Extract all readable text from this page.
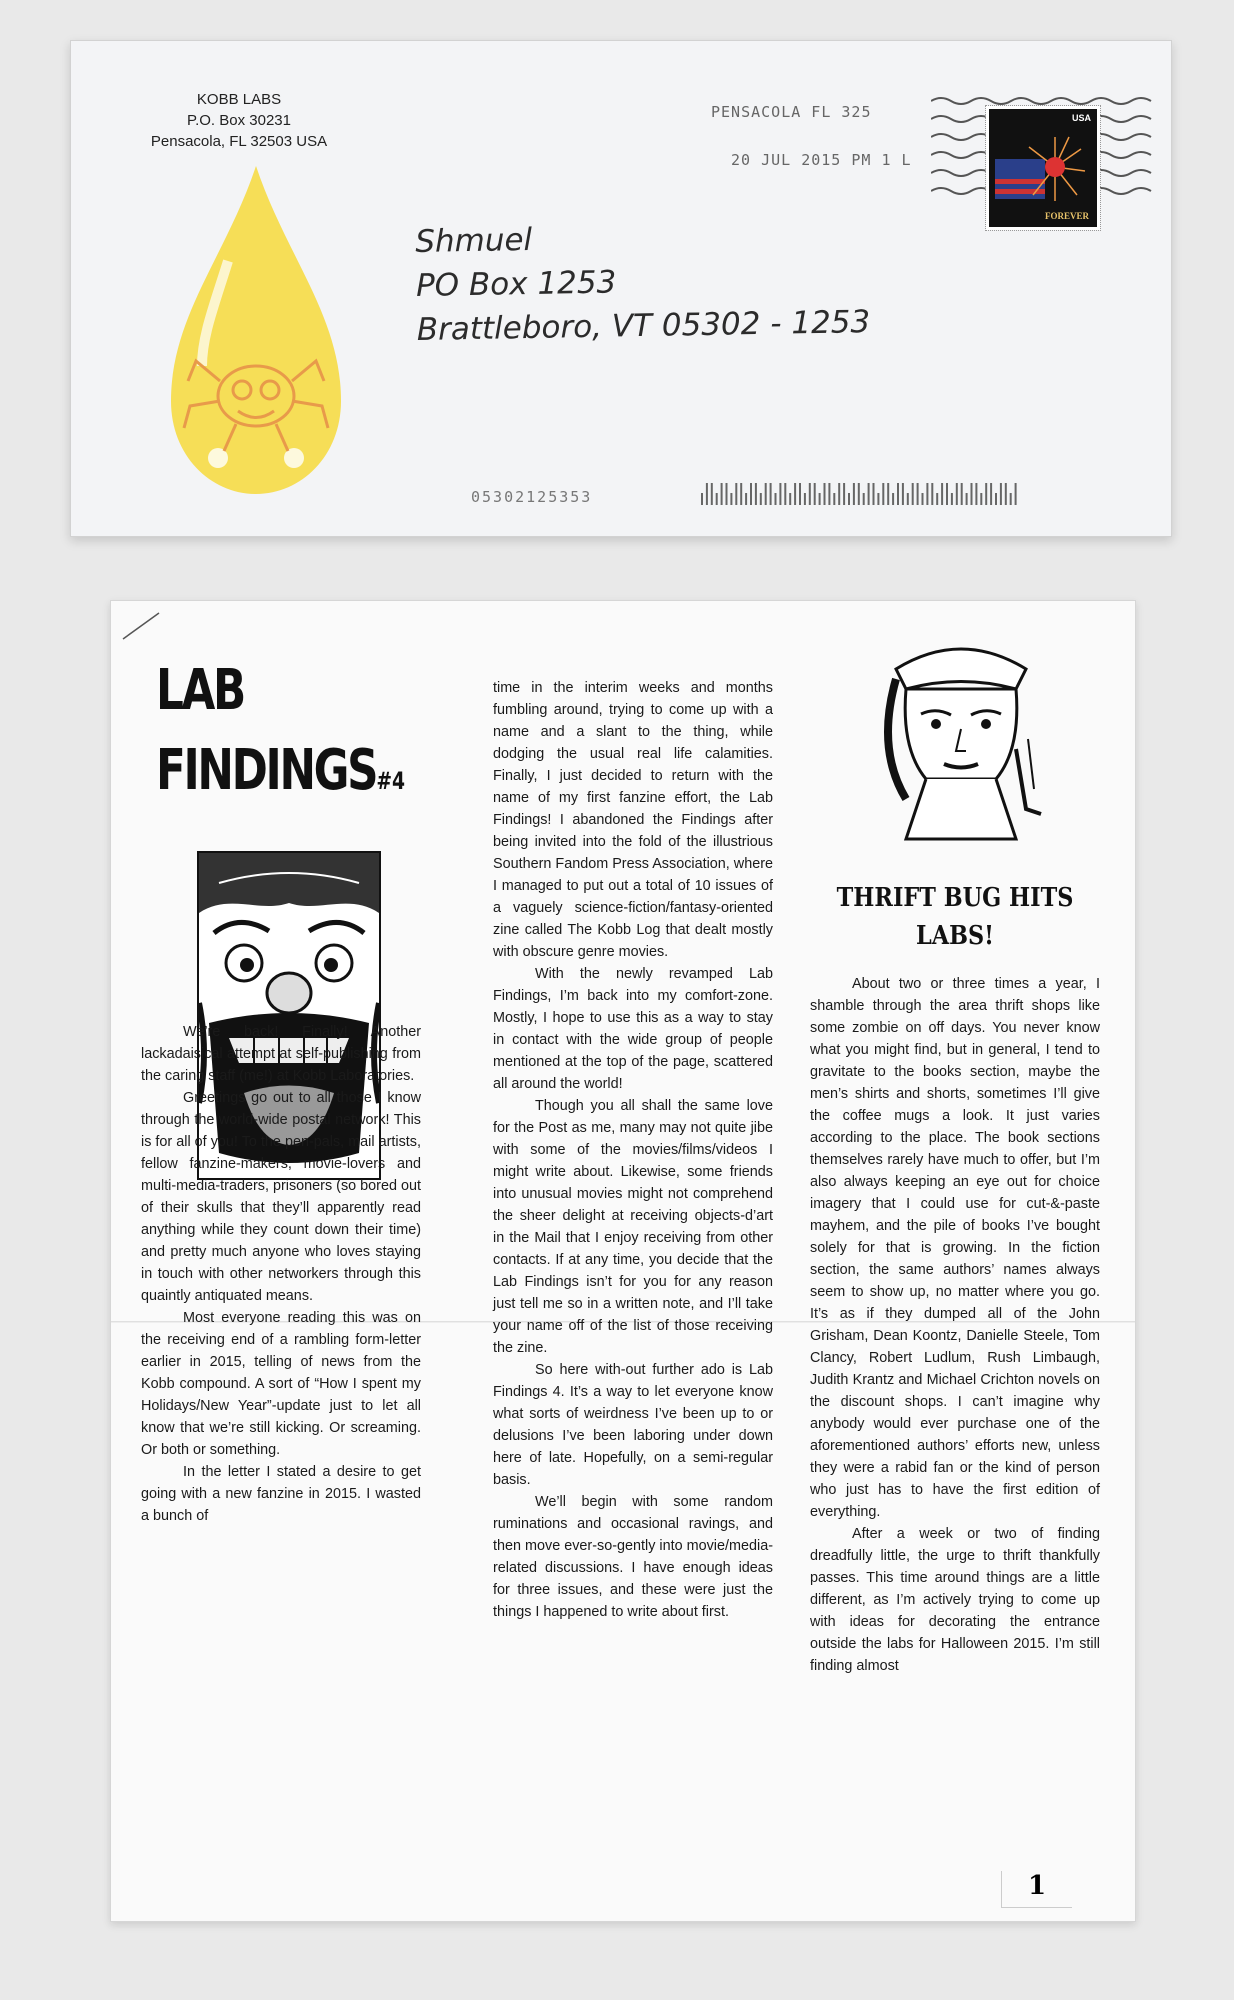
KOBB LABS
P.O. Box 30231
Pensacola, FL 32503 USA
PENSACOLA FL 325
20 JUL 2015 PM 1 L
USA
FOREVER
Shmuel
PO Box 1253
Brattleboro, VT 05302 - 1253
05302125353
LAB
FINDINGS#4

We’re back! Finally! Another lackadaisical attempt at self-publishing from the caring staff (me!) at Kobb Laboratories.

Greetings go out to all those I know through the world-wide postal network! This is for all of you! To the pen-pals, mail artists, fellow fanzine-makers, movie-lovers and multi-media-traders, prisoners (so bored out of their skulls that they’ll apparently read anything while they count down their time) and pretty much anyone who loves staying in touch with other networkers through this quaintly antiquated means.

Most everyone reading this was on the receiving end of a rambling form-letter earlier in 2015, telling of news from the Kobb compound. A sort of “How I spent my Holidays/New Year”-update just to let all know that we’re still kicking. Or screaming. Or both or something.

In the letter I stated a desire to get going with a new fanzine in 2015. I wasted a bunch of

time in the interim weeks and months fumbling around, trying to come up with a name and a slant to the thing, while dodging the usual real life calamities. Finally, I just decided to return with the name of my first fanzine effort, the Lab Findings! I abandoned the Findings after being invited into the fold of the illustrious Southern Fandom Press Association, where I managed to put out a total of 10 issues of a vaguely science-fiction/fantasy-oriented zine called The Kobb Log that dealt mostly with obscure genre movies.

With the newly revamped Lab Findings, I’m back into my comfort-zone. Mostly, I hope to use this as a way to stay in contact with the wide group of people mentioned at the top of the page, scattered all around the world!

Though you all shall the same love for the Post as me, many may not quite jibe with some of the movies/films/videos I might write about. Likewise, some friends into unusual movies might not comprehend the sheer delight at receiving objects-d’art in the Mail that I enjoy receiving from other contacts. If at any time, you decide that the Lab Findings isn’t for you for any reason just tell me so in a written note, and I’ll take your name off of the list of those receiving the zine.

So here with-out further ado is Lab Findings 4. It’s a way to let everyone know what sorts of weirdness I’ve been up to or delusions I’ve been laboring under down here of late. Hopefully, on a semi-regular basis.

We’ll begin with some random ruminations and occasional ravings, and then move ever-so-gently into movie/media-related discussions. I have enough ideas for three issues, and these were just the things I happened to write about first.

THRIFT BUG HITS LABS!

About two or three times a year, I shamble through the area thrift shops like some zombie on off days. You never know what you might find, but in general, I tend to gravitate to the books section, maybe the men’s shirts and shorts, sometimes I’ll give the coffee mugs a look. It just varies according to the place. The book sections themselves rarely have much to offer, but I’m also always keeping an eye out for choice imagery that I could use for cut-&-paste mayhem, and the pile of books I’ve bought solely for that is growing. In the fiction section, the same authors’ names always seem to show up, no matter where you go. It’s as if they dumped all of the John Grisham, Dean Koontz, Danielle Steele, Tom Clancy, Robert Ludlum, Rush Limbaugh, Judith Krantz and Michael Crichton novels on the discount shops. I can’t imagine why anybody would ever purchase one of the aforementioned authors’ efforts new, unless they were a rabid fan or the kind of person who just has to have the first edition of everything.

After a week or two of finding dreadfully little, the urge to thrift thankfully passes. This time around things are a little different, as I’m actively trying to come up with ideas for decorating the entrance outside the labs for Halloween 2015. I’m still finding almost

1
